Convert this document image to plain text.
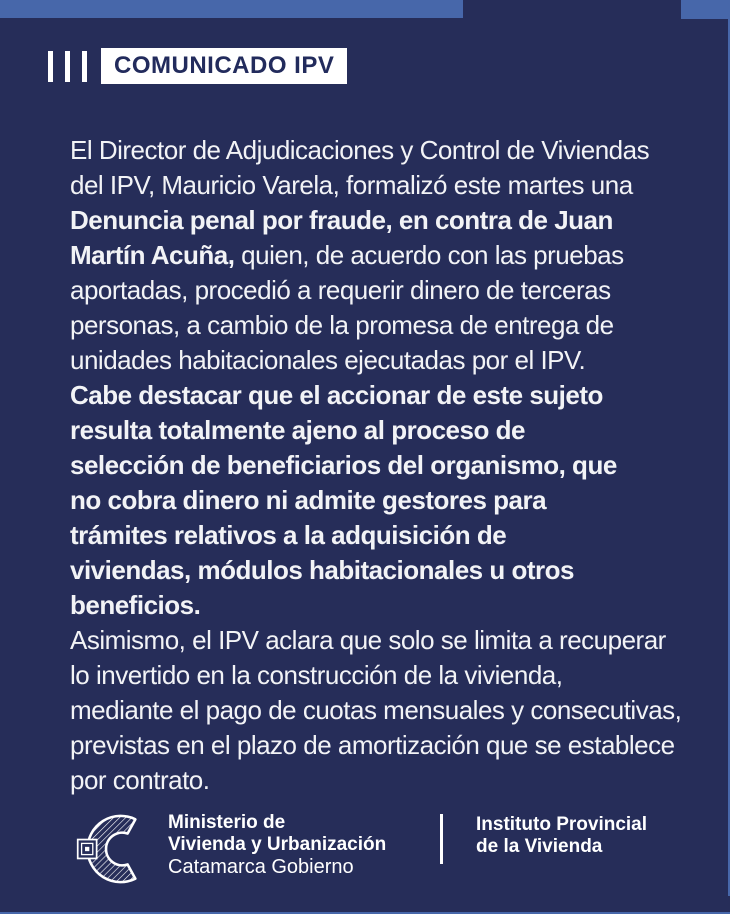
COMUNICADO IPV
El Director de Adjudicaciones y Control de Viviendas
del IPV, Mauricio Varela, formalizó este martes una
Denuncia penal por fraude, en contra de Juan
Martín Acuña, quien, de acuerdo con las pruebas
aportadas, procedió a requerir dinero de terceras
personas, a cambio de la promesa de entrega de
unidades habitacionales ejecutadas por el IPV.
Cabe destacar que el accionar de este sujeto
resulta totalmente ajeno al proceso de
selección de beneficiarios del organismo, que
no cobra dinero ni admite gestores para
trámites relativos a la adquisición de
viviendas, módulos habitacionales u otros
beneficios.
Asimismo, el IPV aclara que solo se limita a recuperar
lo invertido en la construcción de la vivienda,
mediante el pago de cuotas mensuales y consecutivas,
previstas en el plazo de amortización que se establece
por contrato.
Ministerio de
Vivienda y Urbanización
Catamarca Gobierno
Instituto Provincial
de la Vivienda
